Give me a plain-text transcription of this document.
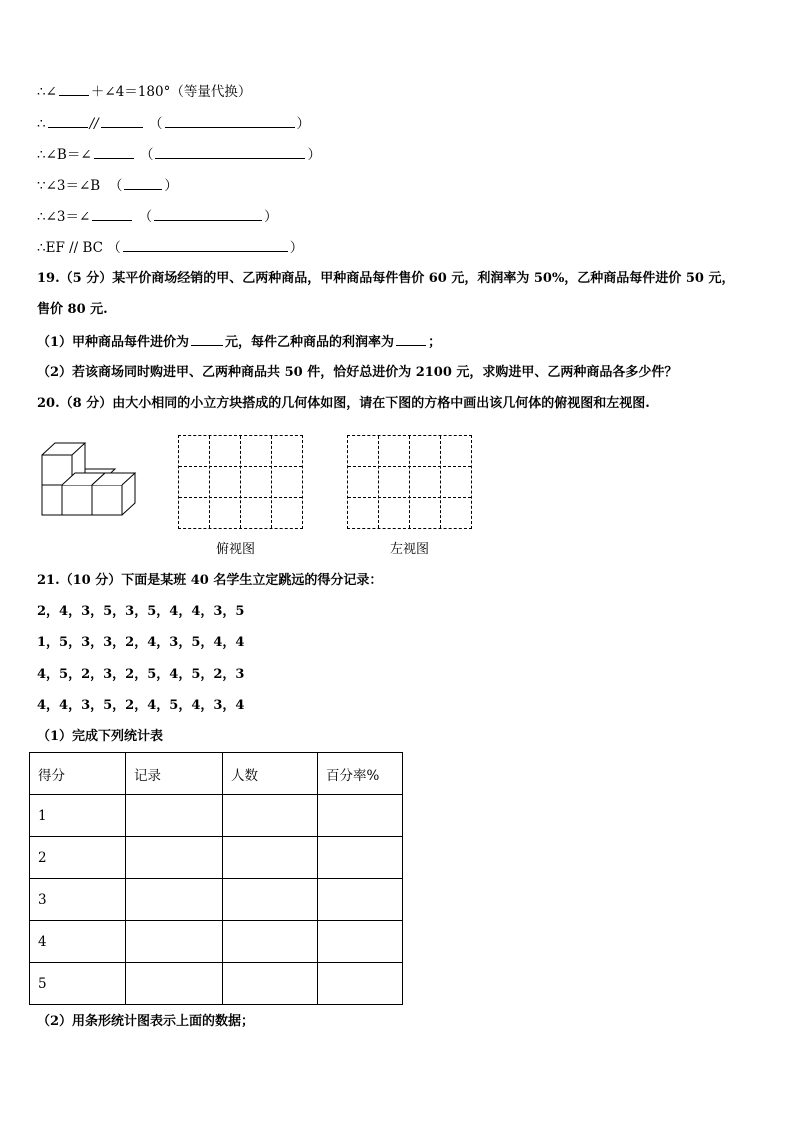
∴∠	＋∠4＝180°（等量代换）
∴	//	（	）
∴∠B＝∠	（	）
∵∠3＝∠B （	）
∴∠3＝∠	（	）
∴EF // BC （	）
19.（5 分）某平价商场经销的甲、乙两种商品，甲种商品每件售价 60 元，利润率为 50%，乙种商品每件进价 50 元，
售价 80 元.
（1）甲种商品每件进价为	元，每件乙种商品的利润率为	；
（2）若该商场同时购进甲、乙两种商品共 50 件，恰好总进价为 2100 元，求购进甲、乙两种商品各多少件？
20.（8 分）由大小相同的小立方块搭成的几何体如图，请在下图的方格中画出该几何体的俯视图和左视图.
俯视图	左视图
21.（10 分）下面是某班 40 名学生立定跳远的得分记录：
2，4，3，5，3，5，4，4，3，5
1，5，3，3，2，4，3，5，4，4
4，5，2，3，2，5，4，5，2，3
4，4，3，5，2，4，5，4，3，4
（1）完成下列统计表
得分	记录	人数	百分率%
1			
2			
3			
4			
5			
（2）用条形统计图表示上面的数据；
